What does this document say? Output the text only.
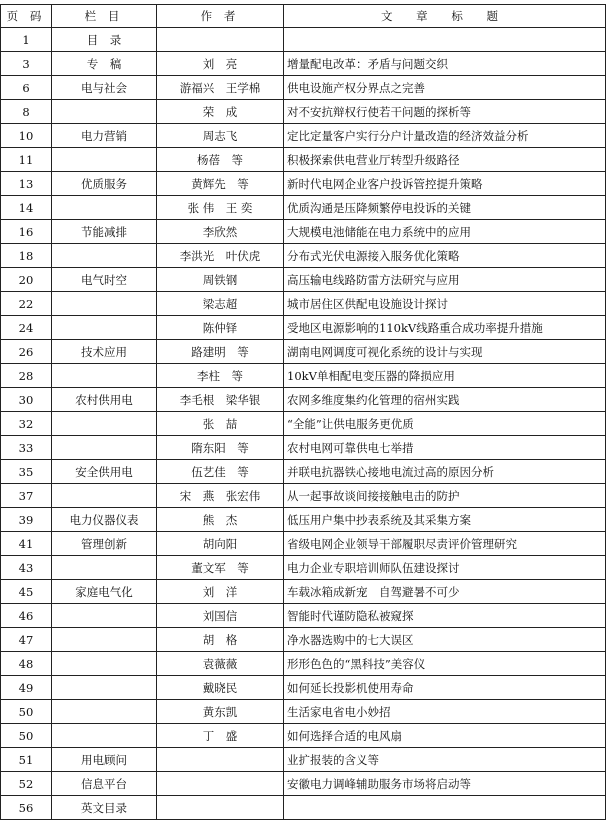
页 码	栏 目	作 者	文 章 标 题
1	目　录		
3	专　稿	刘　亮	增量配电改革：矛盾与问题交织
6	电与社会	游福兴　王学棉	供电设施产权分界点之完善
8		荣　成	对不安抗辩权行使若干问题的探析等
10	电力营销	周志飞	定比定量客户实行分户计量改造的经济效益分析
11		杨蓓　等	积极探索供电营业厅转型升级路径
13	优质服务	黄辉先　等	新时代电网企业客户投诉管控提升策略
14		张 伟　王 奕	优质沟通是压降频繁停电投诉的关键
16	节能减排	李欣然	大规模电池储能在电力系统中的应用
18		李洪光　叶伏虎	分布式光伏电源接入服务优化策略
20	电气时空	周铁钢	高压输电线路防雷方法研究与应用
22		梁志超	城市居住区供配电设施设计探讨
24		陈仲铎	受地区电源影响的110kV线路重合成功率提升措施
26	技术应用	路建明　等	湖南电网调度可视化系统的设计与实现
28		李柱　等	10kV单相配电变压器的降损应用
30	农村供用电	李毛根　梁华银	农网多维度集约化管理的宿州实践
32		张　喆	“全能”让供电服务更优质
33		隋东阳　等	农村电网可靠供电七举措
35	安全供用电	伍艺佳　等	并联电抗器铁心接地电流过高的原因分析
37		宋　燕　张宏伟	从一起事故谈间接接触电击的防护
39	电力仪器仪表	熊　杰	低压用户集中抄表系统及其采集方案
41	管理创新	胡向阳	省级电网企业领导干部履职尽责评价管理研究
43		董文军　等	电力企业专职培训师队伍建设探讨
45	家庭电气化	刘　洋	车载冰箱成新宠　自驾避暑不可少
46		刘国信	智能时代谨防隐私被窥探
47		胡　格	净水器选购中的七大误区
48		袁薇薇	形形色色的“黑科技”美容仪
49		戴晓民	如何延长投影机使用寿命
50		黄东凯	生活家电省电小妙招
50		丁　盛	如何选择合适的电风扇
51	用电顾问		业扩报装的含义等
52	信息平台		安徽电力调峰辅助服务市场将启动等
56	英文目录		
